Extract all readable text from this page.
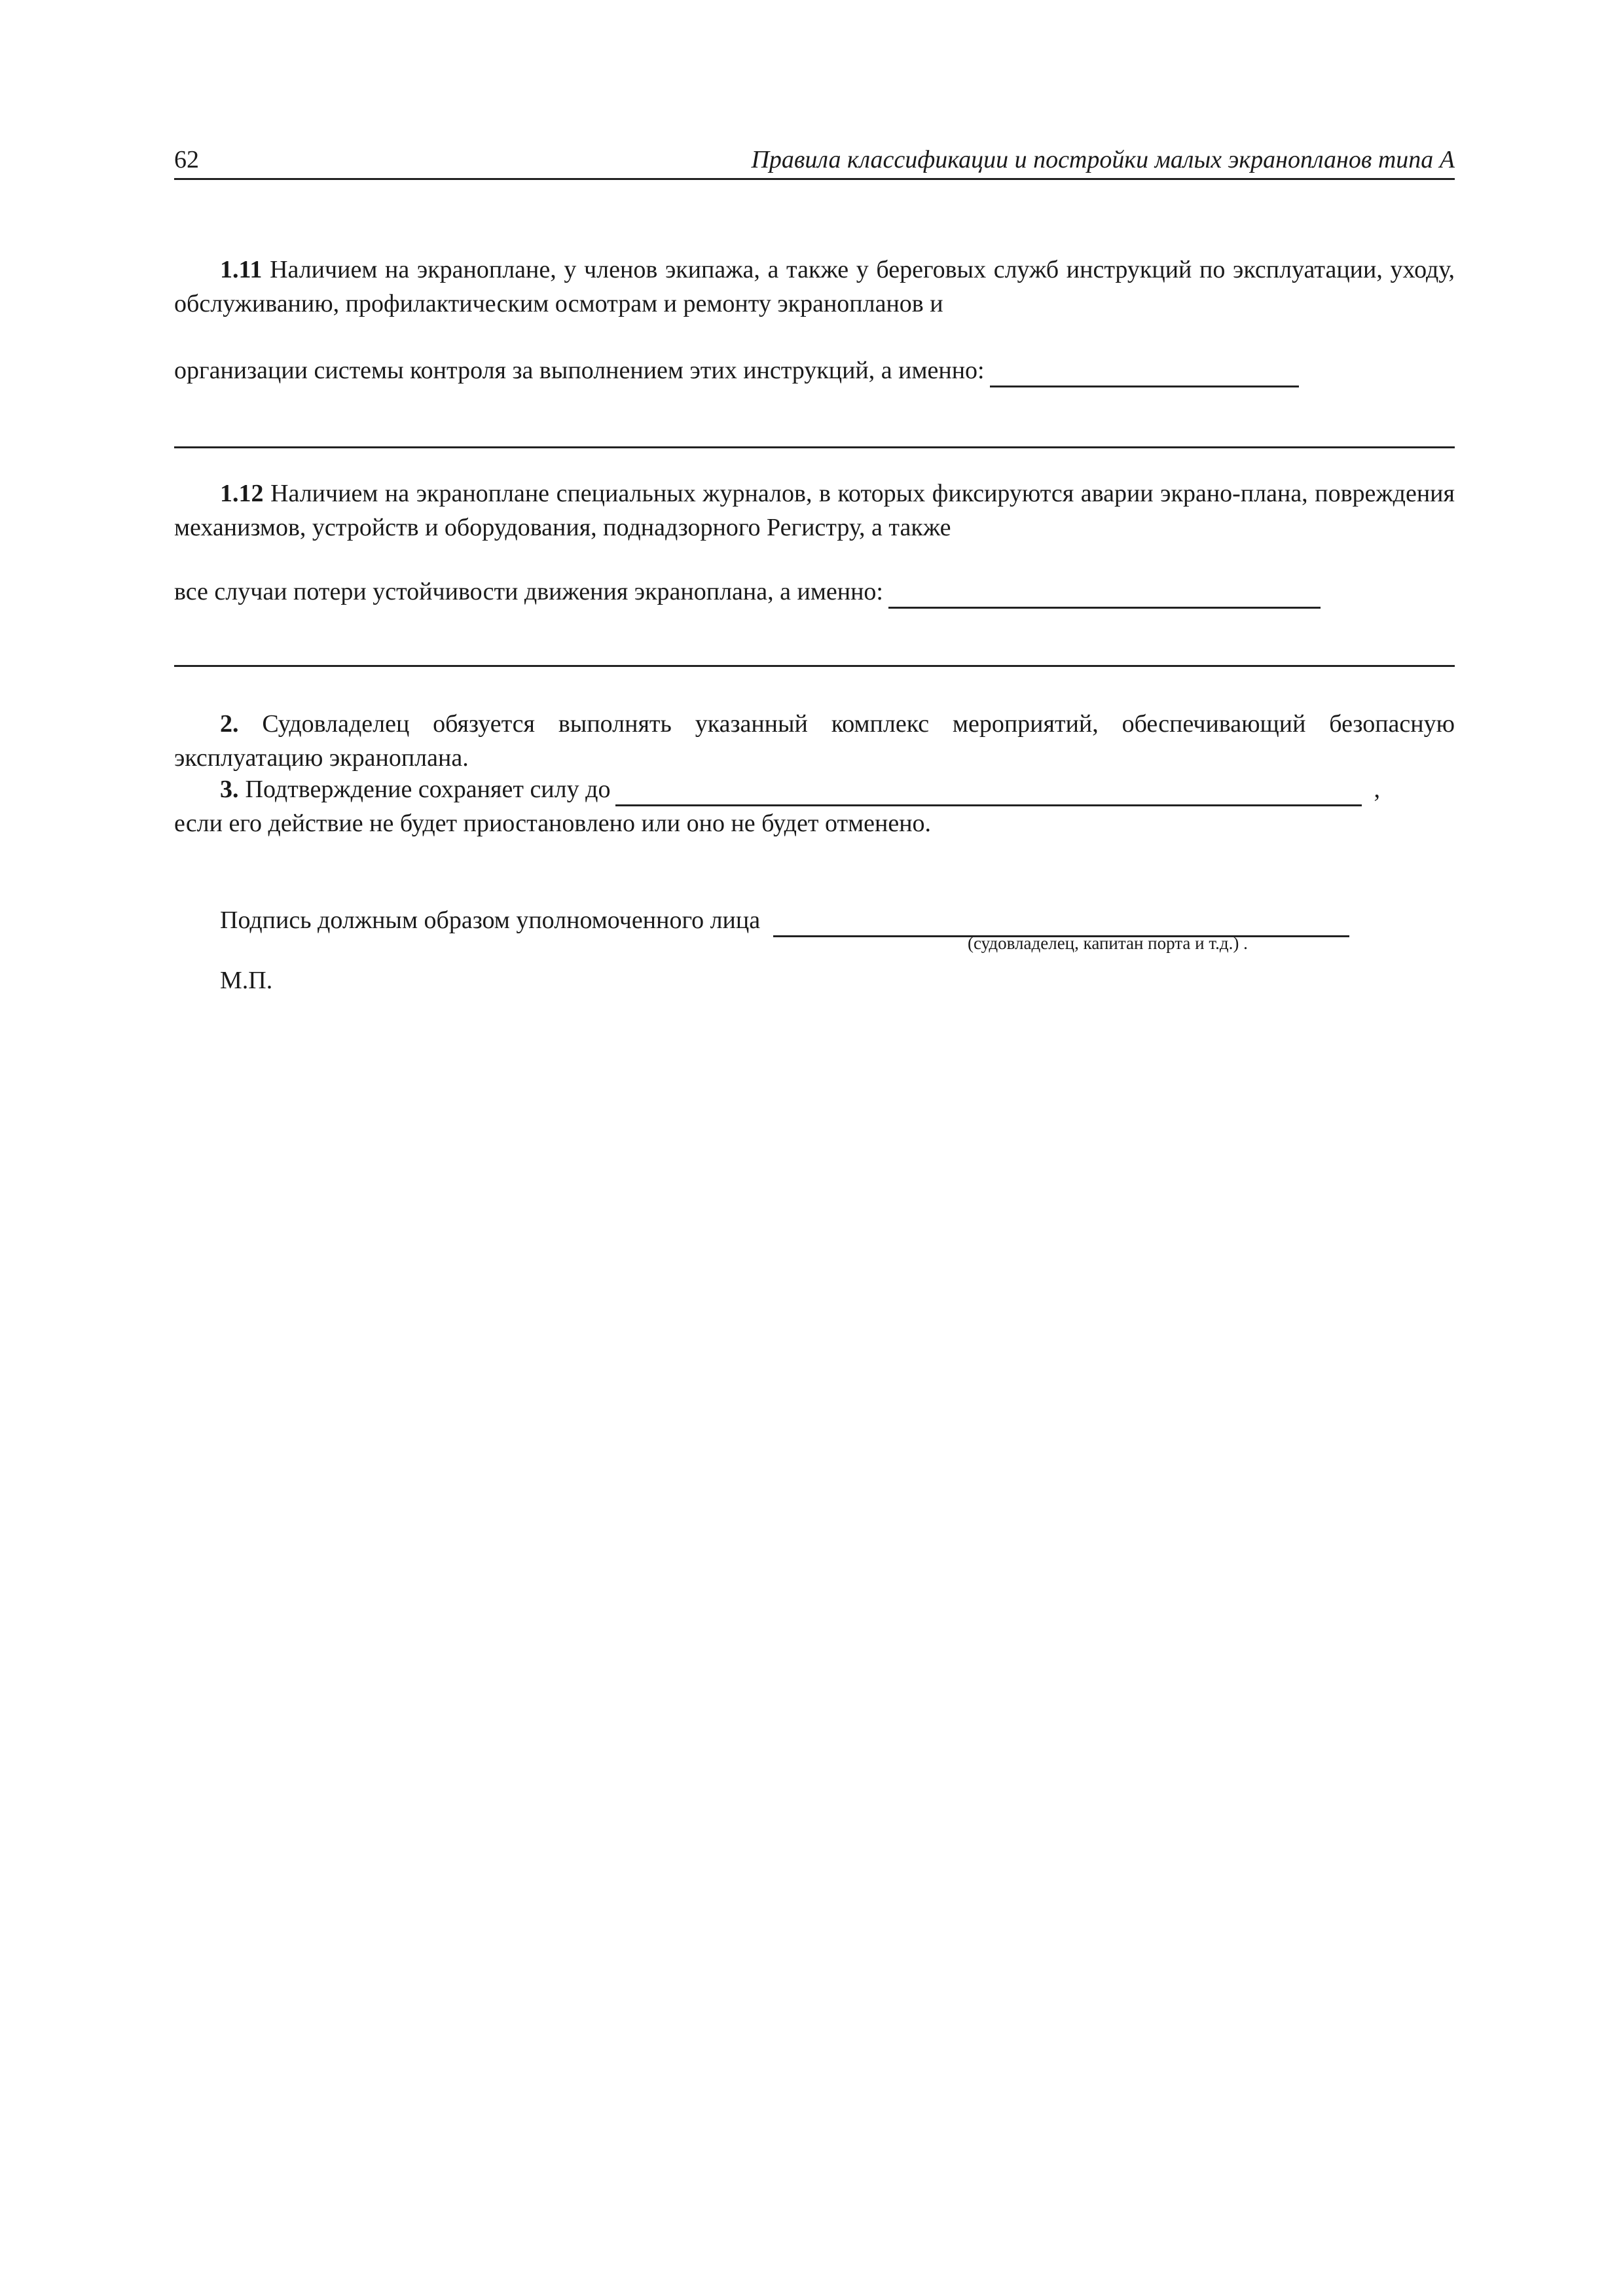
62	Правила классификации и постройки малых экранопланов типа А
1.11 Наличием на экраноплане, у членов экипажа, а также у береговых служб инструкций по эксплуатации, уходу, обслуживанию, профилактическим осмотрам и ремонту экранопланов и
организации системы контроля за выполнением этих инструкций, а именно:
1.12 Наличием на экраноплане специальных журналов, в которых фиксируются аварии экрано-плана, повреждения механизмов, устройств и оборудования, поднадзорного Регистру, а также
все случаи потери устойчивости движения экраноплана, а именно:
2. Судовладелец обязуется выполнять указанный комплекс мероприятий, обеспечивающий безопасную эксплуатацию экраноплана.
3. Подтверждение сохраняет силу до	,
если его действие не будет приостановлено или оно не будет отменено.
Подпись должным образом уполномоченного лица
(судовладелец, капитан порта и т.д.) .
М.П.
